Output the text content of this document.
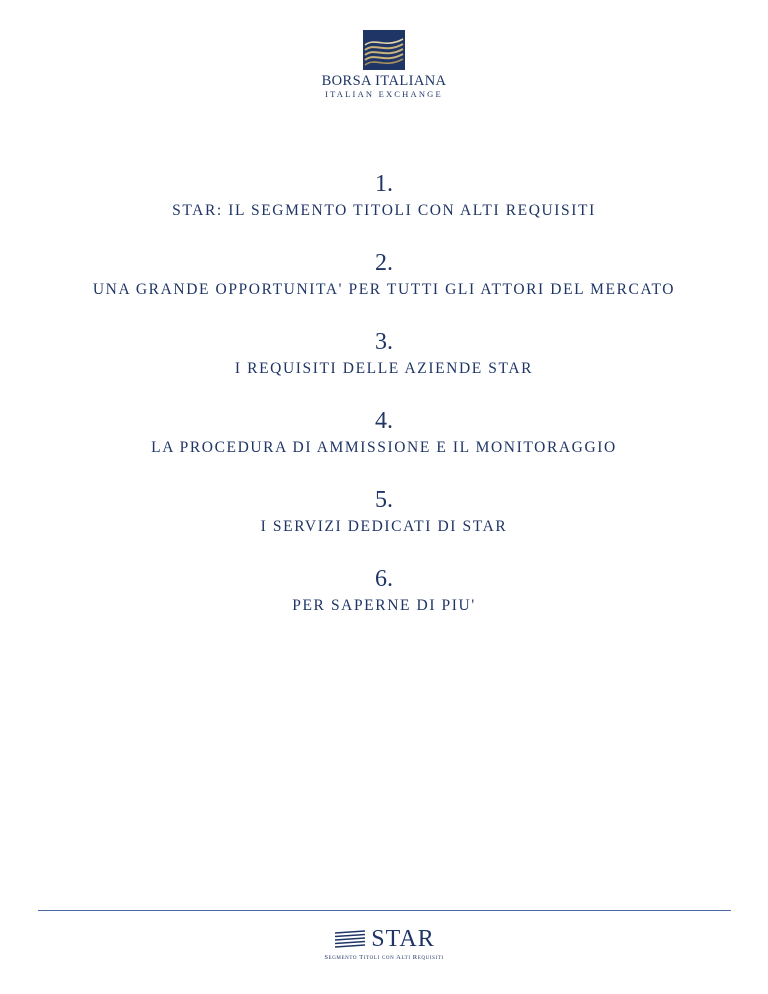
BORSA ITALIANA
ITALIAN EXCHANGE
1.
STAR: IL SEGMENTO TITOLI CON ALTI REQUISITI
2.
UNA GRANDE OPPORTUNITA' PER TUTTI GLI ATTORI DEL MERCATO
3.
I REQUISITI DELLE AZIENDE STAR
4.
LA PROCEDURA DI AMMISSIONE E IL MONITORAGGIO
5.
I SERVIZI DEDICATI DI STAR
6.
PER SAPERNE DI PIU'
STAR
Segmento Titoli con Alti Requisiti
